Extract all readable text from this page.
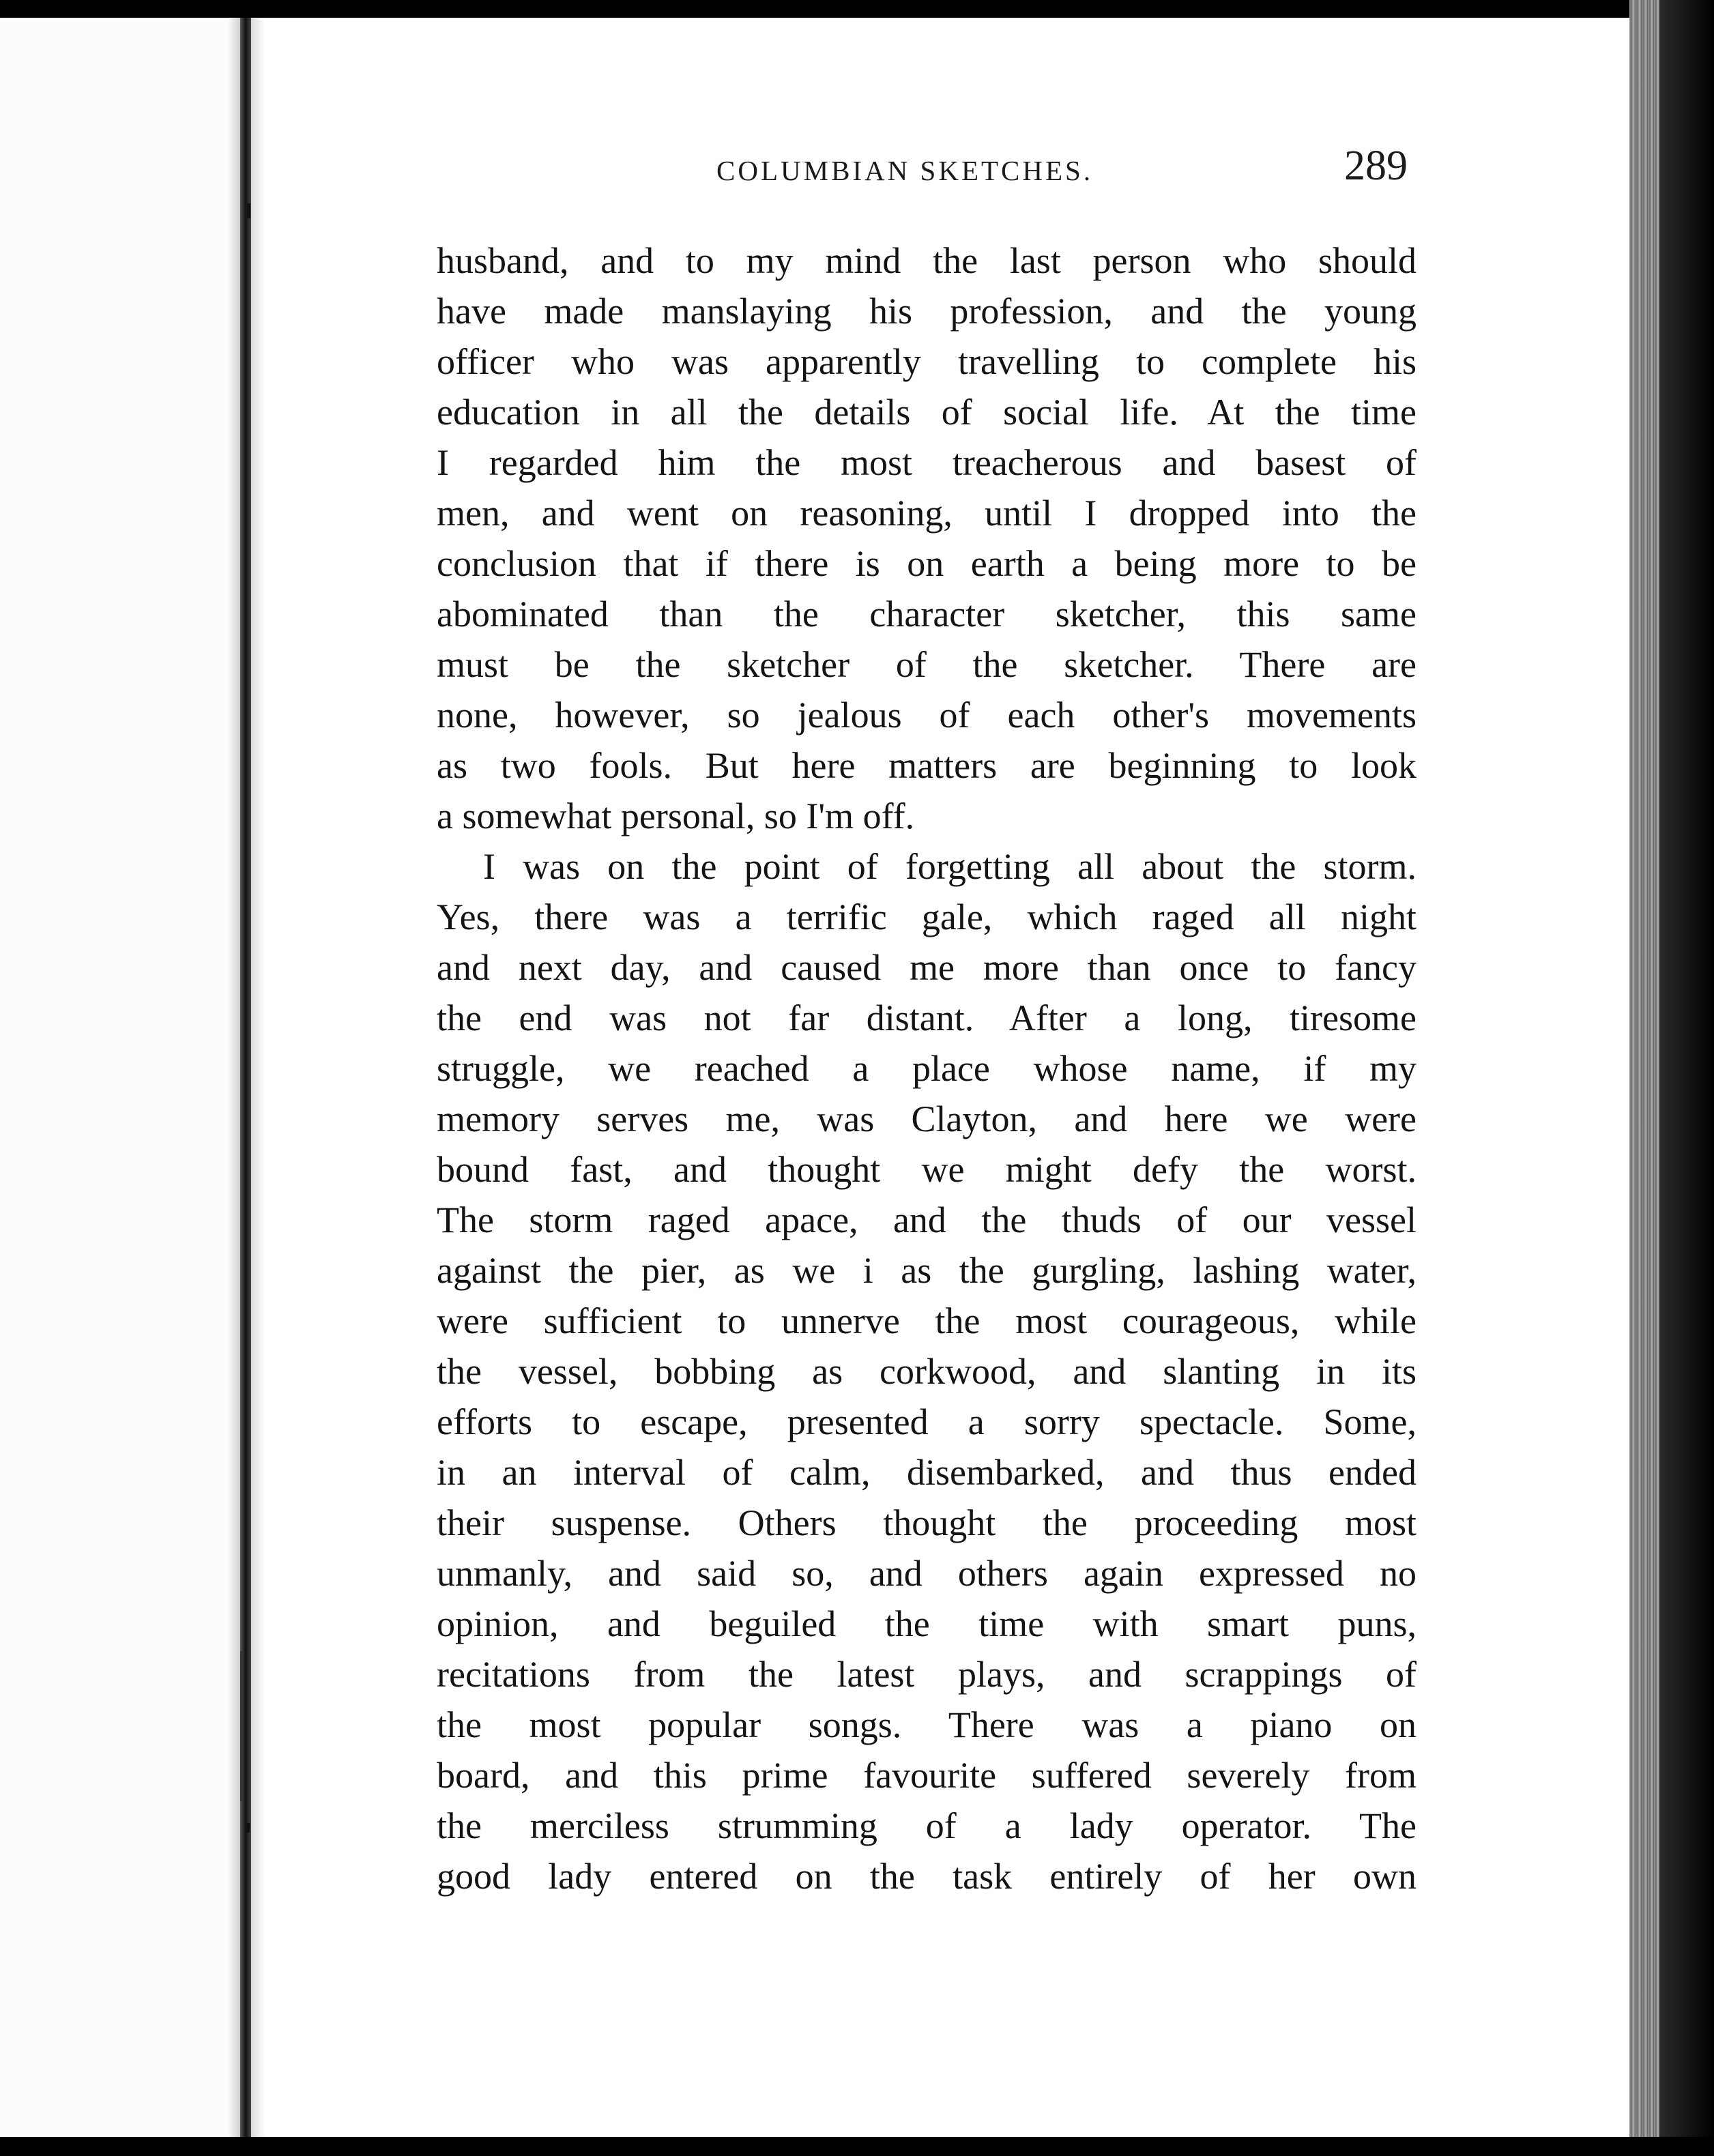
COLUMBIAN SKETCHES.	289
husband, and to my mind the last person who should
have made manslaying his profession, and the young
officer who was apparently travelling to complete his
education in all the details of social life. At the time
I regarded him the most treacherous and basest of
men, and went on reasoning, until I dropped into the
conclusion that if there is on earth a being more to be
abominated than the character sketcher, this same
must be the sketcher of the sketcher. There are
none, however, so jealous of each other's movements
as two fools. But here matters are beginning to look
a somewhat personal, so I'm off.
I was on the point of forgetting all about the storm.
Yes, there was a terrific gale, which raged all night
and next day, and caused me more than once to fancy
the end was not far distant. After a long, tiresome
struggle, we reached a place whose name, if my
memory serves me, was Clayton, and here we were
bound fast, and thought we might defy the worst.
The storm raged apace, and the thuds of our vessel
against the pier, as we i as the gurgling, lashing water,
were sufficient to unnerve the most courageous, while
the vessel, bobbing as corkwood, and slanting in its
efforts to escape, presented a sorry spectacle. Some,
in an interval of calm, disembarked, and thus ended
their suspense. Others thought the proceeding most
unmanly, and said so, and others again expressed no
opinion, and beguiled the time with smart puns,
recitations from the latest plays, and scrappings of
the most popular songs. There was a piano on
board, and this prime favourite suffered severely from
the merciless strumming of a lady operator. The
good lady entered on the task entirely of her own
